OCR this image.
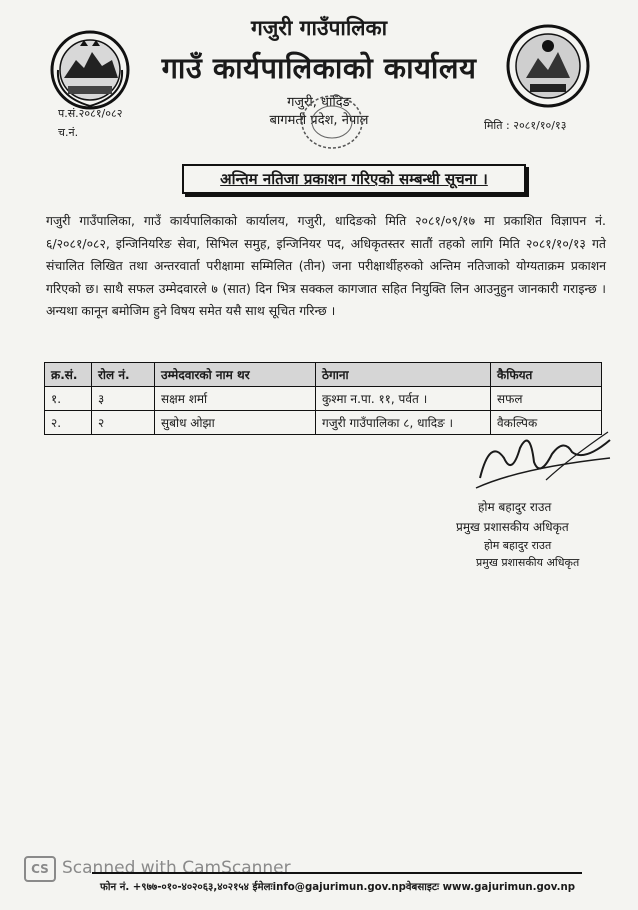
गजुरी गाउँपालिका
गाउँ कार्यपालिकाको कार्यालय
प.सं.२०८१/०८२
च.नं.
गजुरी, धादिङ
बागमती प्रदेश, नेपाल	मिति : २०८१/१०/१३
अन्तिम नतिजा प्रकाशन गरिएको सम्बन्धी सूचना ।
गजुरी गाउँपालिका, गाउँ कार्यपालिकाको कार्यालय, गजुरी, धादिङको मिति २०८१/०९/१७ मा प्रकाशित विज्ञापन नं. ६/२०८१/०८२, इन्जिनियरिङ सेवा, सिभिल समुह, इन्जिनियर पद, अधिकृतस्तर सातौं तहको लागि मिति २०८१/१०/१३ गते संचालित लिखित तथा अन्तरवार्ता परीक्षामा सम्मिलित (तीन) जना परीक्षार्थीहरुको अन्तिम नतिजाको योग्यताक्रम प्रकाशन गरिएको छ। साथै सफल उम्मेदवारले ७ (सात) दिन भित्र सक्कल कागजात सहित नियुक्ति लिन आउनुहुन जानकारी गराइन्छ । अन्यथा कानून बमोजिम हुने विषय समेत यसै साथ सूचित गरिन्छ ।
क्र.सं.	रोल नं.	उम्मेदवारको नाम थर	ठेगाना	कैफियत
१.	३	सक्षम शर्मा	कुश्मा न.पा. ११, पर्वत ।	सफल
२.	२	सुबोध ओझा	गजुरी गाउँपालिका ८, धादिङ ।	वैकल्पिक
होम बहादुर राउत
प्रमुख प्रशासकीय अधिकृत
होम बहादुर राउत
प्रमुख प्रशासकीय अधिकृत
CS Scanned with CamScanner
फोन नं. +९७७-०१०-४०२०६३,४०२१५४ ईमेलःinfo@gajurimun.gov.npवेबसाइटः www.gajurimun.gov.np
